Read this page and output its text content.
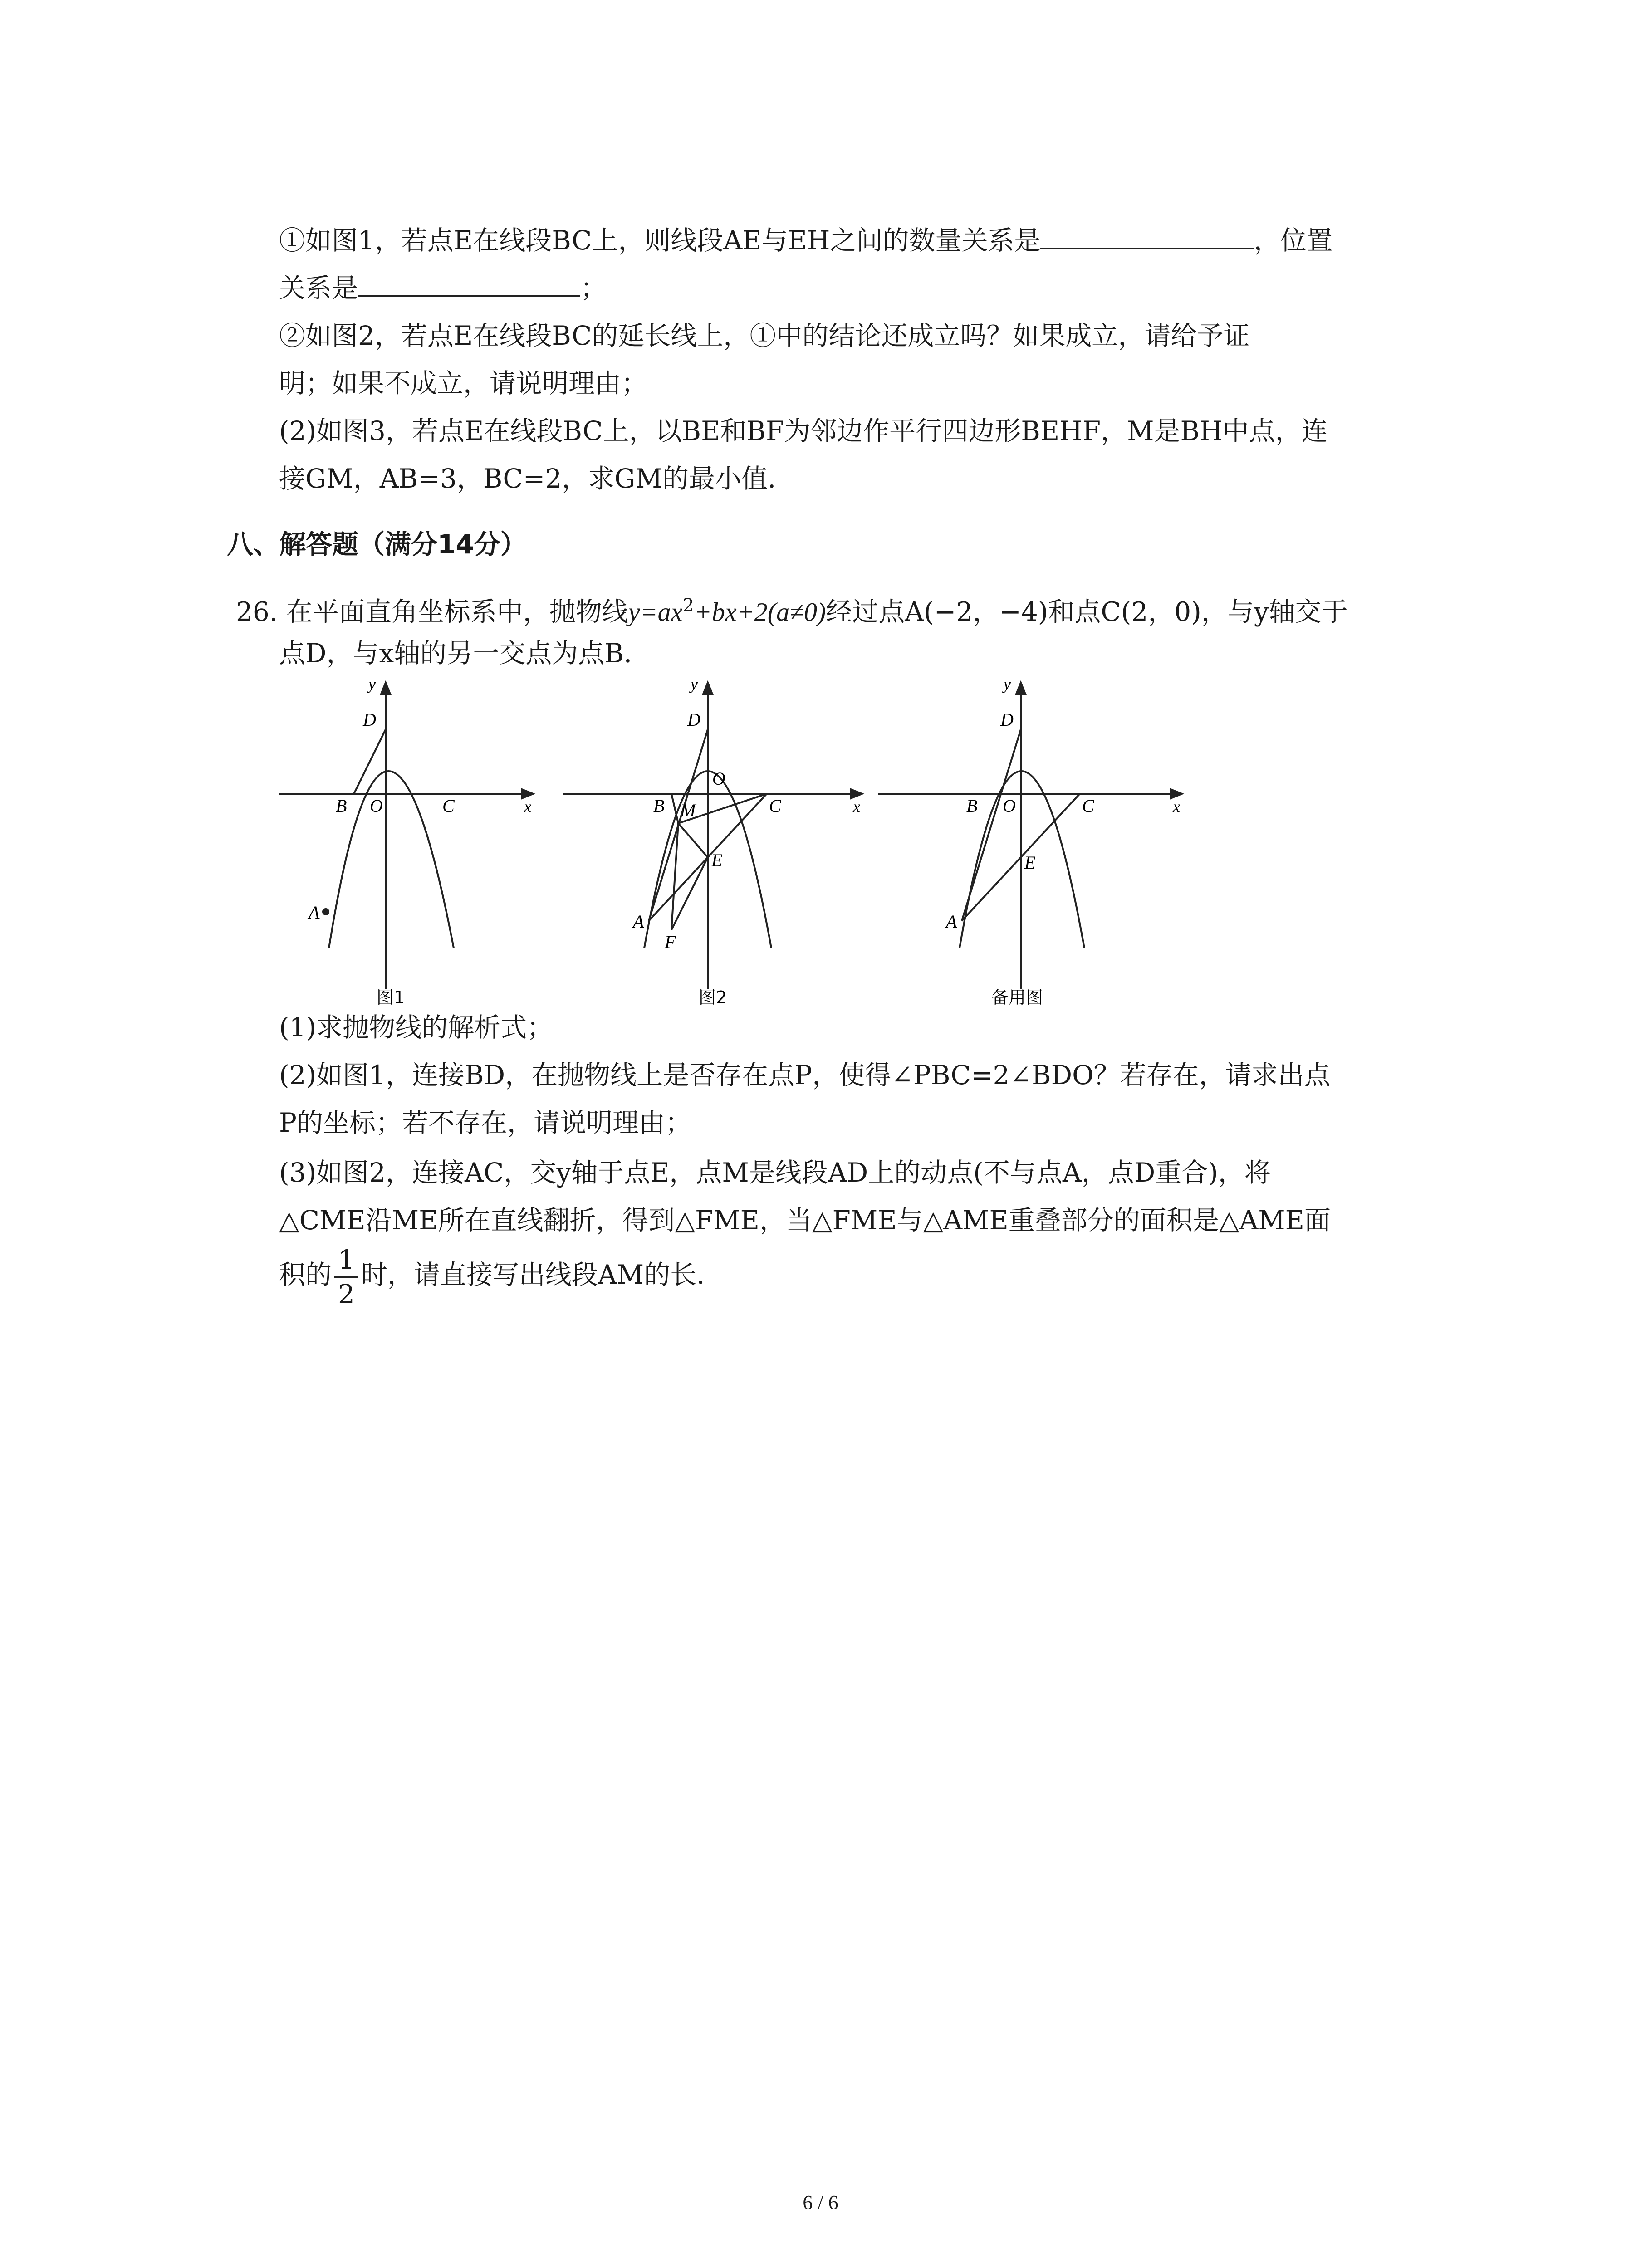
①如图1，若点E在线段BC上，则线段AE与EH之间的数量关系是	，位置
关系是	；
②如图2，若点E在线段BC的延长线上，①中的结论还成立吗？如果成立，请给予证
明；如果不成立，请说明理由；
(2)如图3，若点E在线段BC上，以BE和BF为邻边作平行四边形BEHF，M是BH中点，连
接GM，AB=3，BC=2，求GM的最小值．
八、解答题（满分14分）
26. 在平面直角坐标系中，抛物线$y=ax^2+bx+2(a\ne 0)$经过点A(−2，−4)和点C(2，0)，与y轴交于
点D，与x轴的另一交点为点B．
y
x
D
B O	C
A
图1
y
x
D
O
B M	C
E
A
F
图2
y
x
D
B O	C
E
A
备用图
(1)求抛物线的解析式；
(2)如图1，连接BD，在抛物线上是否存在点P，使得∠PBC=2∠BDO？若存在，请求出点
P的坐标；若不存在，请说明理由；
(3)如图2，连接AC，交y轴于点E，点M是线段AD上的动点(不与点A，点D重合)，将
△CME沿ME所在直线翻折，得到△FME，当△FME与△AME重叠部分的面积是△AME面
积的 $\frac{1}{2}$ 时，请直接写出线段AM的长．
6 / 6
